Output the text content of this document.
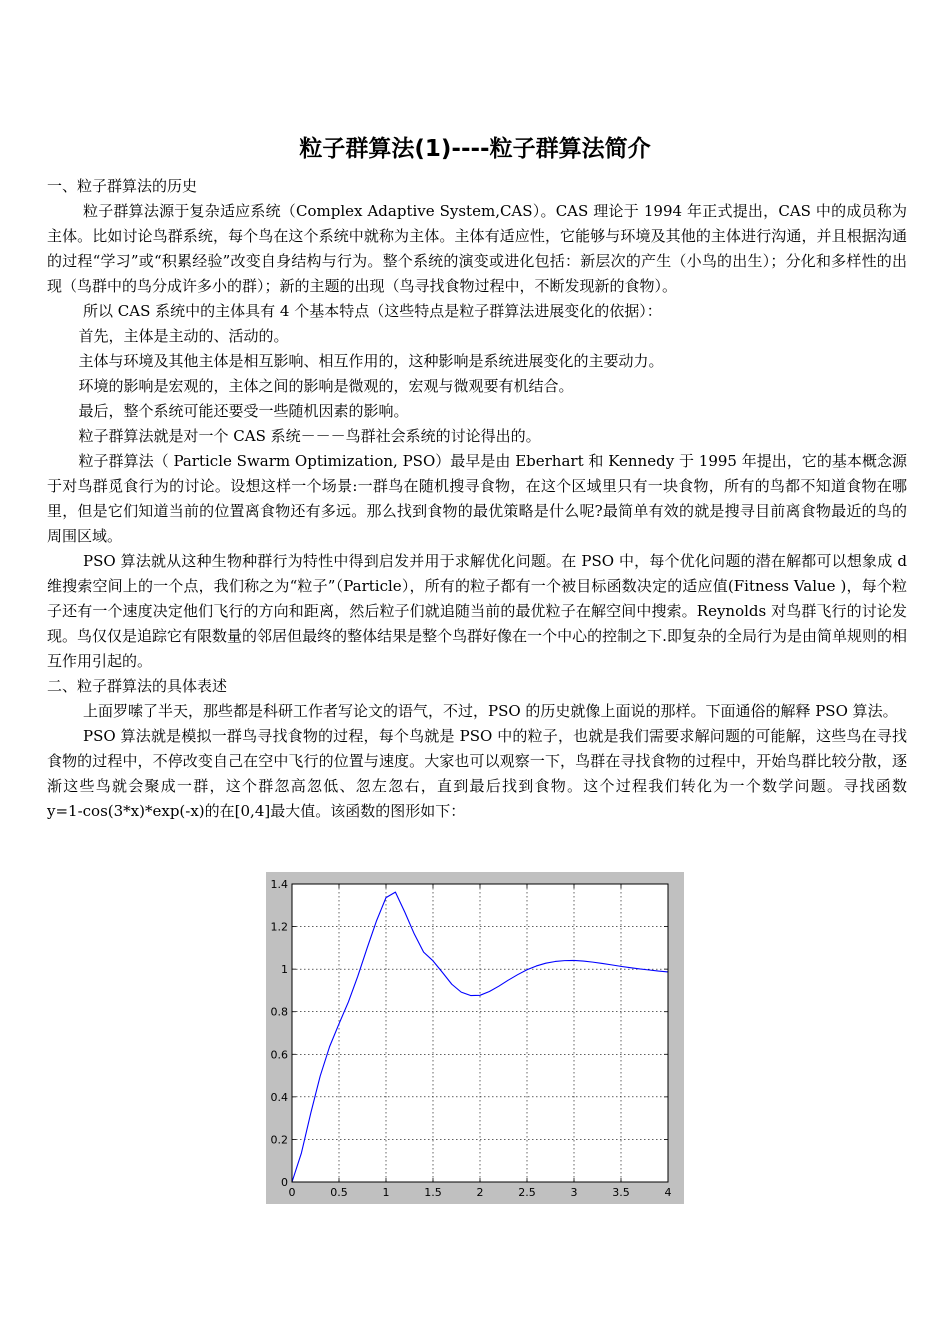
粒子群算法(1)----粒子群算法简介

一、粒子群算法的历史

粒子群算法源于复杂适应系统（Complex Adaptive System,CAS）。CAS 理论于 1994 年正式提出，CAS 中的成员称为主体。比如讨论鸟群系统，每个鸟在这个系统中就称为主体。主体有适应性，它能够与环境及其他的主体进行沟通，并且根据沟通的过程“学习”或“积累经验”改变自身结构与行为。整个系统的演变或进化包括：新层次的产生（小鸟的出生）；分化和多样性的出现（鸟群中的鸟分成许多小的群）；新的主题的出现（鸟寻找食物过程中，不断发现新的食物）。

所以 CAS 系统中的主体具有 4 个基本特点（这些特点是粒子群算法进展变化的依据）：

首先，主体是主动的、活动的。

主体与环境及其他主体是相互影响、相互作用的，这种影响是系统进展变化的主要动力。

环境的影响是宏观的，主体之间的影响是微观的，宏观与微观要有机结合。

最后，整个系统可能还要受一些随机因素的影响。

粒子群算法就是对一个 CAS 系统－－－鸟群社会系统的讨论得出的。

粒子群算法（ Particle Swarm Optimization, PSO）最早是由 Eberhart 和 Kennedy 于 1995 年提出，它的基本概念源于对鸟群觅食行为的讨论。设想这样一个场景:一群鸟在随机搜寻食物，在这个区域里只有一块食物，所有的鸟都不知道食物在哪里，但是它们知道当前的位置离食物还有多远。那么找到食物的最优策略是什么呢?最简单有效的就是搜寻目前离食物最近的鸟的周围区域。

PSO 算法就从这种生物种群行为特性中得到启发并用于求解优化问题。在 PSO 中，每个优化问题的潜在解都可以想象成 d 维搜索空间上的一个点，我们称之为“粒子”（Particle），所有的粒子都有一个被目标函数决定的适应值(Fitness Value )，每个粒子还有一个速度决定他们飞行的方向和距离，然后粒子们就追随当前的最优粒子在解空间中搜索。Reynolds 对鸟群飞行的讨论发现。鸟仅仅是追踪它有限数量的邻居但最终的整体结果是整个鸟群好像在一个中心的控制之下.即复杂的全局行为是由简单规则的相互作用引起的。

二、粒子群算法的具体表述

上面罗嗦了半天，那些都是科研工作者写论文的语气，不过，PSO 的历史就像上面说的那样。下面通俗的解释 PSO 算法。

PSO 算法就是模拟一群鸟寻找食物的过程，每个鸟就是 PSO 中的粒子，也就是我们需要求解问题的可能解，这些鸟在寻找食物的过程中，不停改变自己在空中飞行的位置与速度。大家也可以观察一下，鸟群在寻找食物的过程中，开始鸟群比较分散，逐渐这些鸟就会聚成一群，这个群忽高忽低、忽左忽右，直到最后找到食物。这个过程我们转化为一个数学问题。寻找函数　　y=1-cos(3*x)*exp(-x)的在[0,4]最大值。该函数的图形如下：

0	0.5	1	1.5	2	2.5	3	3.5	4
0
0.2
0.4
0.6
0.8
1
1.2
1.4
